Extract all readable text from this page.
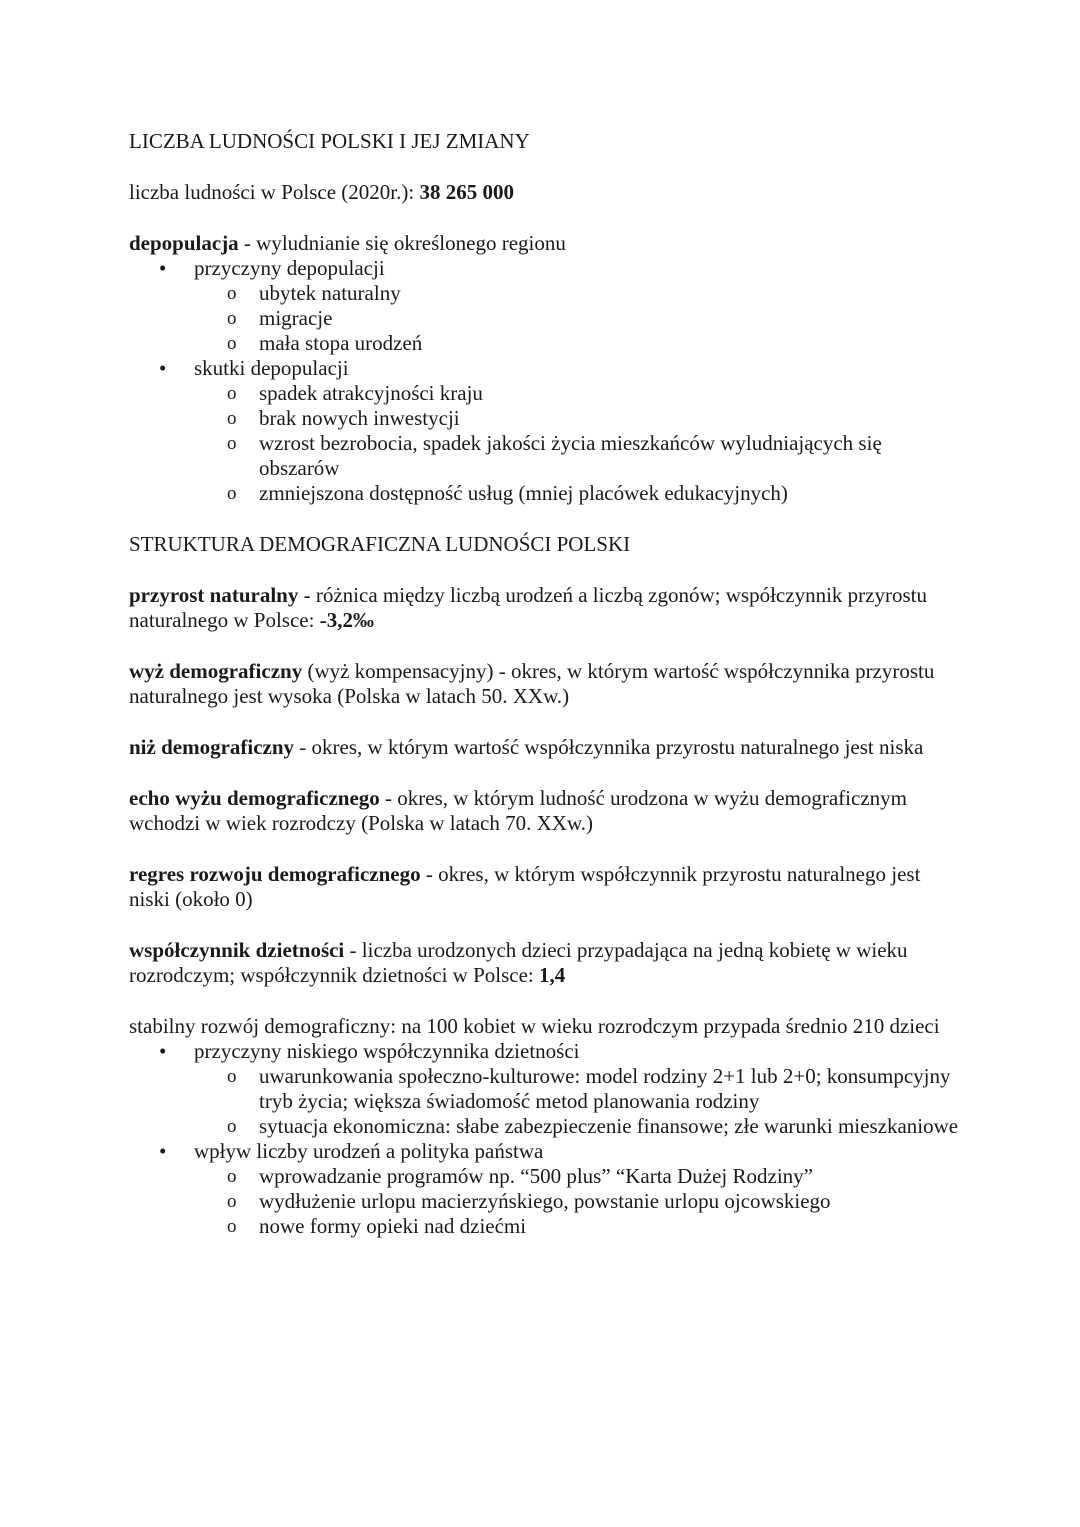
LICZBA LUDNOŚCI POLSKI I JEJ ZMIANY

liczba ludności w Polsce (2020r.): 38 265 000

depopulacja - wyludnianie się określonego regionu

• przyczyny depopulacji
o ubytek naturalny
o migracje
o mała stopa urodzeń
• skutki depopulacji
o spadek atrakcyjności kraju
o brak nowych inwestycji
o wzrost bezrobocia, spadek jakości życia mieszkańców wyludniających się obszarów
o zmniejszona dostępność usług (mniej placówek edukacyjnych)

STRUKTURA DEMOGRAFICZNA LUDNOŚCI POLSKI

przyrost naturalny - różnica między liczbą urodzeń a liczbą zgonów; współczynnik przyrostu naturalnego w Polsce: -3,2‰

wyż demograficzny (wyż kompensacyjny) - okres, w którym wartość współczynnika przyrostu naturalnego jest wysoka (Polska w latach 50. XXw.)

niż demograficzny - okres, w którym wartość współczynnika przyrostu naturalnego jest niska

echo wyżu demograficznego - okres, w którym ludność urodzona w wyżu demograficznym wchodzi w wiek rozrodczy (Polska w latach 70. XXw.)

regres rozwoju demograficznego - okres, w którym współczynnik przyrostu naturalnego jest niski (około 0)

współczynnik dzietności - liczba urodzonych dzieci przypadająca na jedną kobietę w wieku rozrodczym; współczynnik dzietności w Polsce: 1,4

stabilny rozwój demograficzny: na 100 kobiet w wieku rozrodczym przypada średnio 210 dzieci

• przyczyny niskiego współczynnika dzietności
o uwarunkowania społeczno-kulturowe: model rodziny 2+1 lub 2+0; konsumpcyjny tryb życia; większa świadomość metod planowania rodziny
o sytuacja ekonomiczna: słabe zabezpieczenie finansowe; złe warunki mieszkaniowe
• wpływ liczby urodzeń a polityka państwa
o wprowadzanie programów np. “500 plus” “Karta Dużej Rodziny”
o wydłużenie urlopu macierzyńskiego, powstanie urlopu ojcowskiego
o nowe formy opieki nad dziećmi
